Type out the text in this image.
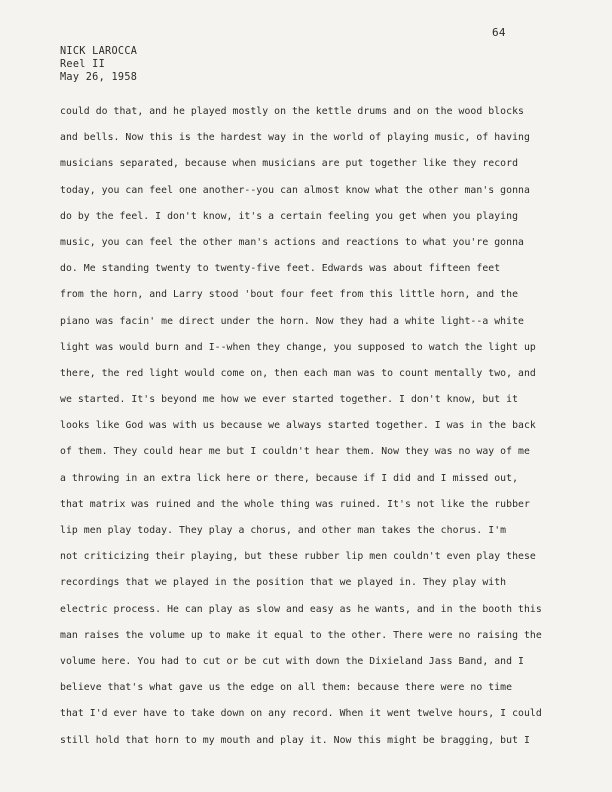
64
NICK LAROCCA
Reel II
May 26, 1958
could do that, and he played mostly on the kettle drums and on the wood blocks
and bells. Now this is the hardest way in the world of playing music, of having
musicians separated, because when musicians are put together like they record
today, you can feel one another--you can almost know what the other man's gonna
do by the feel. I don't know, it's a certain feeling you get when you playing
music, you can feel the other man's actions and reactions to what you're gonna
do. Me standing twenty to twenty-five feet. Edwards was about fifteen feet
from the horn, and Larry stood 'bout four feet from this little horn, and the
piano was facin' me direct under the horn. Now they had a white light--a white
light was would burn and I--when they change, you supposed to watch the light up
there, the red light would come on, then each man was to count mentally two, and
we started. It's beyond me how we ever started together. I don't know, but it
looks like God was with us because we always started together. I was in the back
of them. They could hear me but I couldn't hear them. Now they was no way of me
a throwing in an extra lick here or there, because if I did and I missed out,
that matrix was ruined and the whole thing was ruined. It's not like the rubber
lip men play today. They play a chorus, and other man takes the chorus. I'm
not criticizing their playing, but these rubber lip men couldn't even play these
recordings that we played in the position that we played in. They play with
electric process. He can play as slow and easy as he wants, and in the booth this
man raises the volume up to make it equal to the other. There were no raising the
volume here. You had to cut or be cut with down the Dixieland Jass Band, and I
believe that's what gave us the edge on all them: because there were no time
that I'd ever have to take down on any record. When it went twelve hours, I could
still hold that horn to my mouth and play it. Now this might be bragging, but I
